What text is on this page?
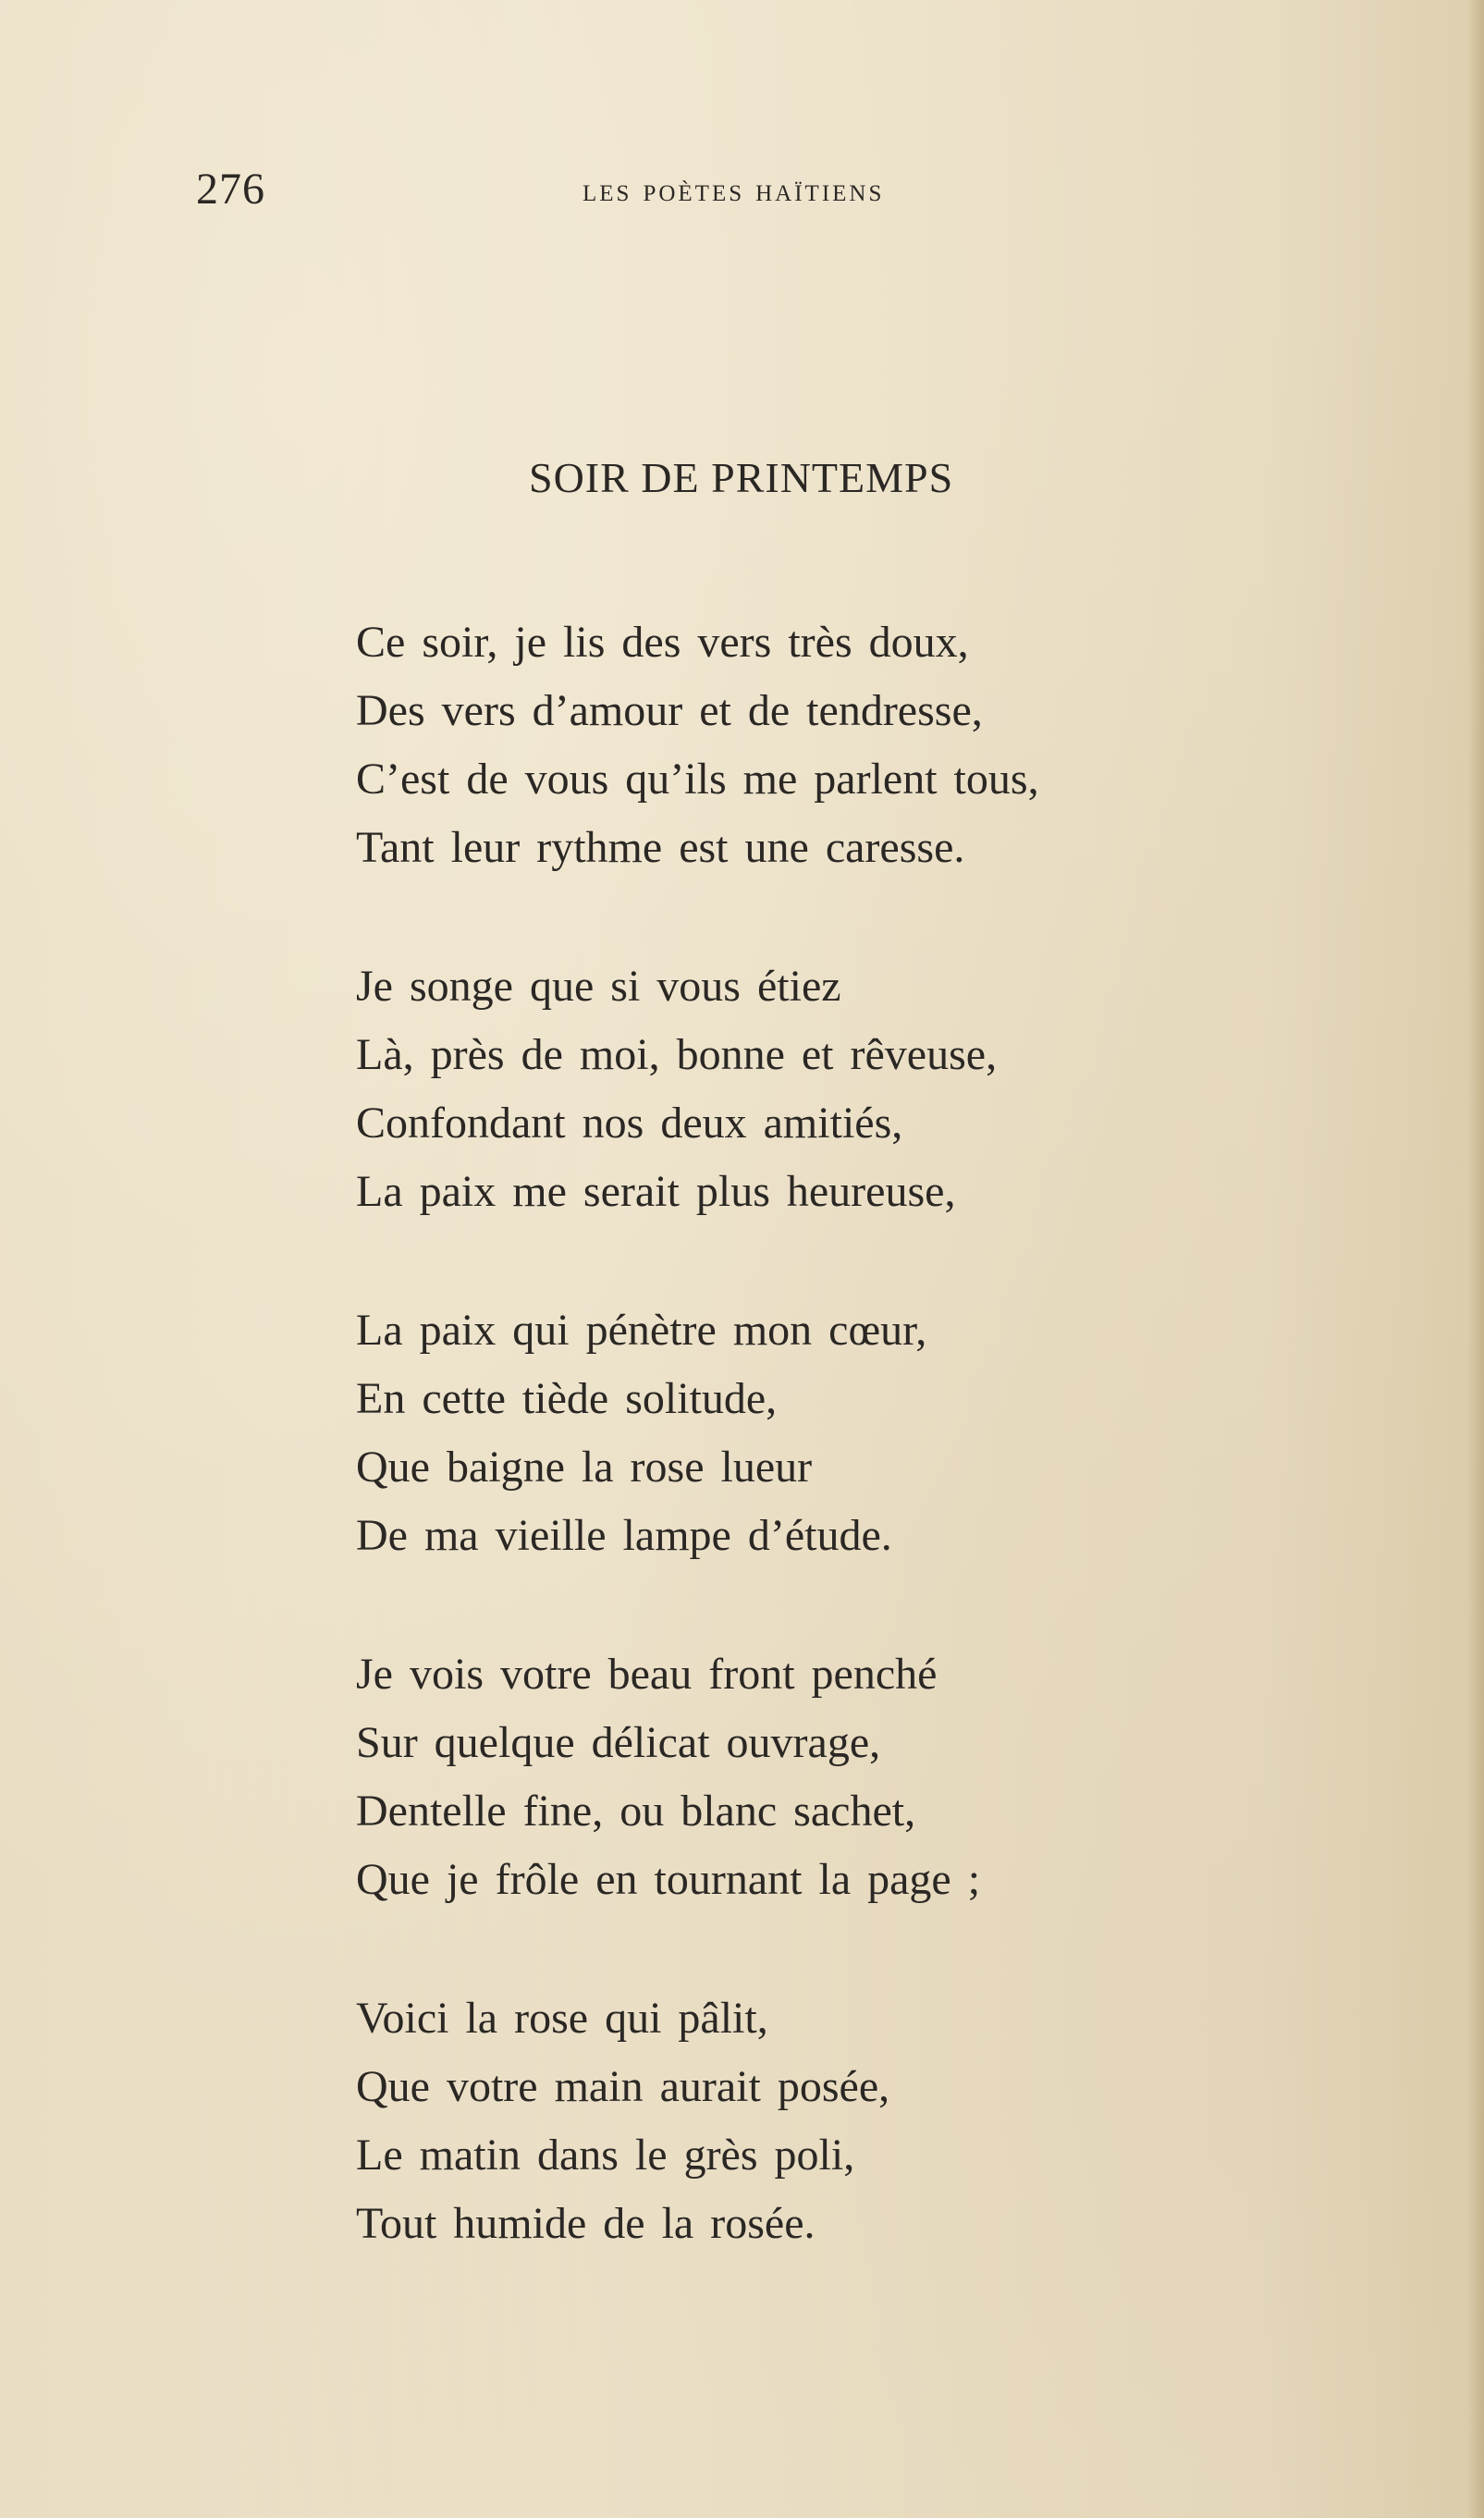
276	les poètes haïtiens
SOIR DE PRINTEMPS
Ce soir, je lis des vers très doux,
Des vers d’amour et de tendresse,
C’est de vous qu’ils me parlent tous,
Tant leur rythme est une caresse.
Je songe que si vous étiez
Là, près de moi, bonne et rêveuse,
Confondant nos deux amitiés,
La paix me serait plus heureuse,
La paix qui pénètre mon cœur,
En cette tiède solitude,
Que baigne la rose lueur
De ma vieille lampe d’étude.
Je vois votre beau front penché
Sur quelque délicat ouvrage,
Dentelle fine, ou blanc sachet,
Que je frôle en tournant la page ;
Voici la rose qui pâlit,
Que votre main aurait posée,
Le matin dans le grès poli,
Tout humide de la rosée.
